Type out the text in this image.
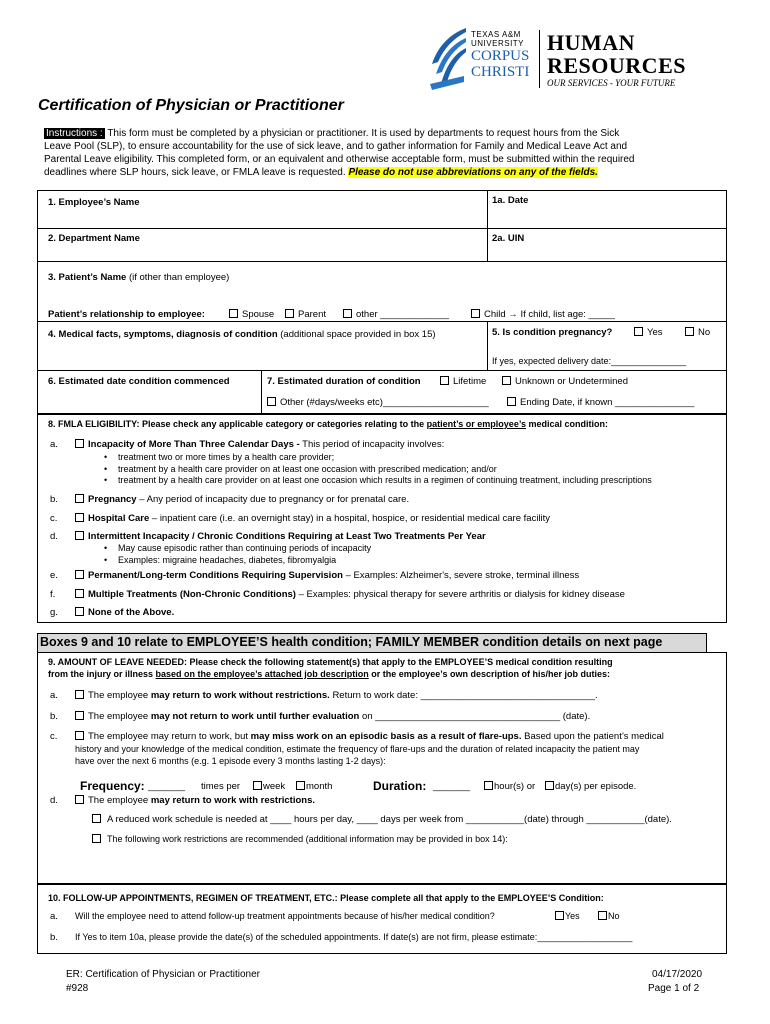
TEXAS A&M
UNIVERSITY
CORPUS
CHRISTI
HUMAN
RESOURCES
OUR SERVICES - YOUR FUTURE
Certification of Physician or Practitioner
Instructions : This form must be completed by a physician or practitioner. It is used by departments to request hours from the Sick
Leave Pool (SLP), to ensure accountability for the use of sick leave, and to gather information for Family and Medical Leave Act and
Parental Leave eligibility. This completed form, or an equivalent and otherwise acceptable form, must be submitted within the required
deadlines where SLP hours, sick leave, or FMLA leave is requested. Please do not use abbreviations on any of the fields.
1. Employee’s Name	1a. Date
2. Department Name	2a. UIN
3. Patient’s Name (if other than employee)
Patient’s relationship to employee:	Spouse	Parent	other _____________	Child → If child, list age: _____
4. Medical facts, symptoms, diagnosis of condition (additional space provided in box 15)	5. Is condition pregnancy?	Yes	No
If yes, expected delivery date:_______________
6. Estimated date condition commenced	7. Estimated duration of condition	Lifetime	Unknown or Undetermined
Other (#days/weeks etc)____________________	Ending Date, if known _______________
8. FMLA ELIGIBILITY: Please check any applicable category or categories relating to the patient’s or employee’s medical condition:
a.	Incapacity of More Than Three Calendar Days - This period of incapacity involves:
• treatment two or more times by a health care provider;
• treatment by a health care provider on at least one occasion with prescribed medication; and/or
• treatment by a health care provider on at least one occasion which results in a regimen of continuing treatment, including prescriptions
b.	Pregnancy – Any period of incapacity due to pregnancy or for prenatal care.
c.	Hospital Care – inpatient care (i.e. an overnight stay) in a hospital, hospice, or residential medical care facility
d.	Intermittent Incapacity / Chronic Conditions Requiring at Least Two Treatments Per Year
• May cause episodic rather than continuing periods of incapacity
• Examples: migraine headaches, diabetes, fibromyalgia
e.	Permanent/Long-term Conditions Requiring Supervision – Examples: Alzheimer's, severe stroke, terminal illness
f.	Multiple Treatments (Non-Chronic Conditions) – Examples: physical therapy for severe arthritis or dialysis for kidney disease
g.	None of the Above.
Boxes 9 and 10 relate to EMPLOYEE’S health condition; FAMILY MEMBER condition details on next page
9. AMOUNT OF LEAVE NEEDED: Please check the following statement(s) that apply to the EMPLOYEE’S medical condition resulting
from the injury or illness based on the employee’s attached job description or the employee’s own description of his/her job duties:
a.	The employee may return to work without restrictions. Return to work date: _________________________________.
b.	The employee may not return to work until further evaluation on ___________________________________ (date).
c.	The employee may return to work, but may miss work on an episodic basis as a result of flare-ups. Based upon the patient’s medical
history and your knowledge of the medical condition, estimate the frequency of flare-ups and the duration of related incapacity the patient may
have over the next 6 months (e.g. 1 episode every 3 months lasting 1-2 days):
Frequency: _______ times per	week	month	Duration: _______	hour(s) or	day(s) per episode.
d.	The employee may return to work with restrictions.
A reduced work schedule is needed at ____ hours per day, ____ days per week from ___________(date) through ___________(date).
The following work restrictions are recommended (additional information may be provided in box 14):
10. FOLLOW-UP APPOINTMENTS, REGIMEN OF TREATMENT, ETC.: Please complete all that apply to the EMPLOYEE’S Condition:
a. Will the employee need to attend follow-up treatment appointments because of his/her medical condition?	Yes	No
b. If Yes to item 10a, please provide the date(s) of the scheduled appointments. If date(s) are not firm, please estimate:___________________
ER: Certification of Physician or Practitioner
#928
04/17/2020
Page 1 of 2
